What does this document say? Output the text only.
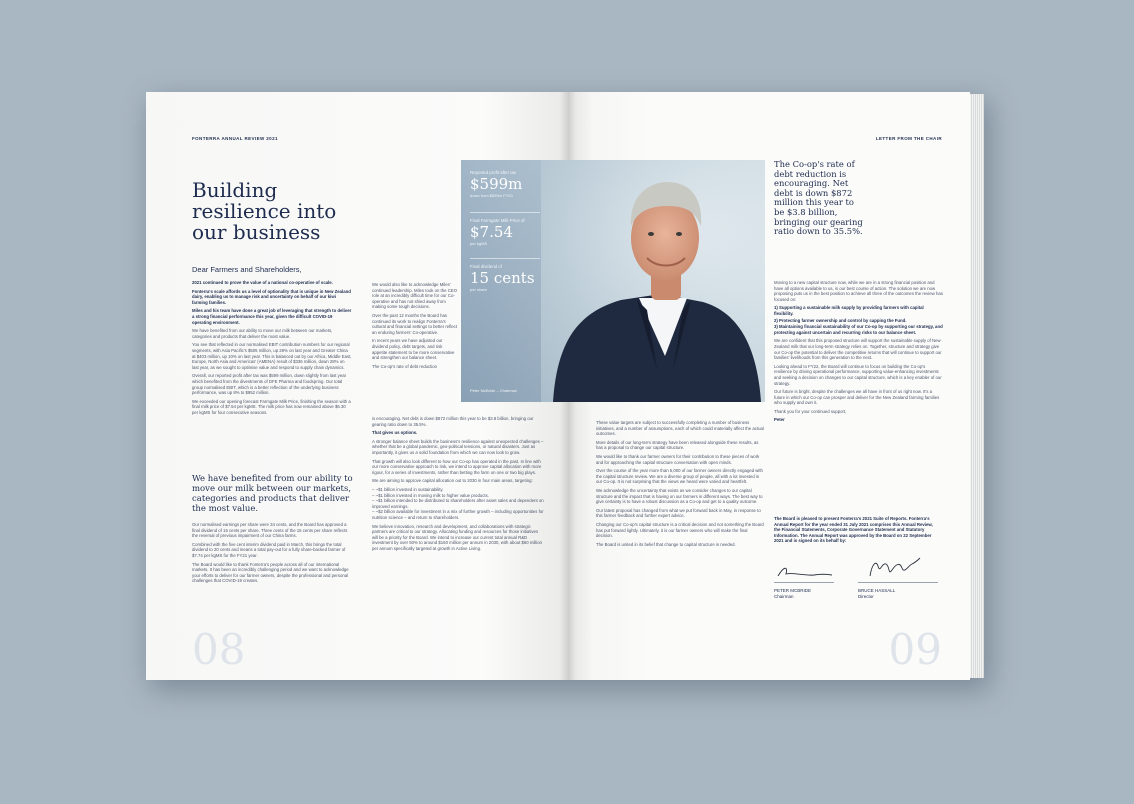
FONTERRA ANNUAL REVIEW 2021
Building resilience into our business
Dear Farmers and Shareholders,

2021 continued to prove the value of a national co-operative of scale.

Fonterra's scale affords us a level of optionality that is unique in New Zealand dairy, enabling us to manage risk and uncertainty on behalf of our kiwi farming families.

Miles and his team have done a great job of leveraging that strength to deliver a strong financial performance this year, given the difficult COVID-19 operating environment.

We have benefited from our ability to move our milk between our markets, categories and products that deliver the most value.

You see that reflected in our normalised EBIT contribution numbers for our regional segments, with Asia Pacific's $505 million, up 28% on last year and Greater China at $403 million, up 10% on last year. This is balanced out by our Africa, Middle East, Europe, North Asia and Americas' (AMENA) result of $336 million, down 28% on last year, as we sought to optimise value and respond to supply chain dynamics.

Overall, our reported profit after tax was $599 million, down slightly from last year which benefited from the divestments of DFE Pharma and foodspring. Our total group normalised EBIT, which is a better reflection of the underlying business performance, was up 8% to $952 million.

We exceeded our opening forecast Farmgate Milk Price, finishing the season with a final milk price of $7.54 per kgMS. The milk price has now remained above $6.30 per kgMS for four consecutive seasons.

We have benefited from our ability to move our milk between our markets, categories and products that deliver the most value.

Our normalised earnings per share were 34 cents, and the Board has approved a final dividend of 15 cents per share. Three cents of the 15 cents per share reflects the reversal of previous impairment of our China farms.

Combined with the five cent interim dividend paid in March, this brings the total dividend to 20 cents and means a total pay-out for a fully share-backed farmer of $7.74 per kgMS for the FY21 year.

The Board would like to thank Fonterra's people across all of our international markets. It has been an incredibly challenging period and we want to acknowledge your efforts to deliver for our farmer owners, despite the professional and personal challenges that COVID-19 creates.

We would also like to acknowledge Miles' continued leadership. Miles took on the CEO role at an incredibly difficult time for our Co-operative and has not shied away from making some tough decisions.

Over the past 12 months the Board has continued its work to realign Fonterra's cultural and financial settings to better reflect an enduring farmers' Co-operative.

In recent years we have adjusted our dividend policy, debt targets, and risk appetite statement to be more conservative and strengthen our balance sheet.

The Co-op's rate of debt reduction

is encouraging. Net debt is down $872 million this year to be $3.8 billion, bringing our gearing ratio down to 35.5%.

That gives us options.

A stronger balance sheet builds the business's resilience against unexpected challenges – whether that be a global pandemic, geo-political tensions, or natural disasters. Just as importantly, it gives us a solid foundation from which we can now look to grow.

That growth will also look different to how our Co-op has operated in the past. In line with our more conservative approach to risk, we intend to approve capital allocation with more rigour, for a series of investments, rather than betting the farm on one or two big plays.

We are aiming to approve capital allocation out to 2030 in four main areas, targeting:

– ~$1 billion invested in sustainability.

– ~$1 billion invested in moving milk to higher value products.

– ~$1 billion intended to be distributed to shareholders after asset sales and dependent on improved earnings.

– ~$2 billion available for investment in a mix of further growth – including opportunities for nutrition science – and return to shareholders.

We believe innovation, research and development, and collaborations with strategic partners are critical to our strategy. Allocating funding and resources for those initiatives will be a priority for the Board. We intend to increase our current total annual R&D investment by over 50% to around $160 million per annum in 2030, with about $60 million per annum specifically targeted at growth in Active Living.

08
LETTER FROM THE CHAIR

These value targets are subject to successfully completing a number of business initiatives, and a number of assumptions, each of which could materially affect the actual outcomes.

More details of our long-term strategy have been released alongside these results, as has a proposal to change our capital structure.

We would like to thank our farmer owners for their contribution to these pieces of work and for approaching the capital structure conversation with open minds.

Over the course of the year more than 5,000 of our farmer owners directly engaged with the capital structure review. We are a diverse group of people, all with a lot invested in our Co-op. It is not surprising that the views we heard were varied and heartfelt.

We acknowledge the uncertainty that exists as we consider changes to our capital structure and the impact that is having on our farmers in different ways. The best way to give certainty is to have a robust discussion as a Co-op and get to a quality outcome.

Our latest proposal has changed from what we put forward back in May, in response to this farmer feedback and further expert advice.

Changing our Co-op's capital structure is a critical decision and not something the Board has put forward lightly. Ultimately, it is our farmer owners who will make the final decision.

The Board is united in its belief that change to capital structure is needed.

Moving to a new capital structure now, while we are in a strong financial position and have all options available to us, is our best course of action. The solution we are now proposing puts us in the best position to achieve all three of the outcomes the review has focused on:

1) Supporting a sustainable milk supply by providing farmers with capital flexibility.

2) Protecting farmer ownership and control by capping the Fund.

3) Maintaining financial sustainability of our Co-op by supporting our strategy, and protecting against uncertain and recurring risks to our balance sheet.

We are confident that this proposed structure will support the sustainable supply of New Zealand milk that our long-term strategy relies on. Together, structure and strategy give our Co-op the potential to deliver the competitive returns that will continue to support our families' livelihoods from this generation to the next.

Looking ahead to FY22, the Board will continue to focus on building the Co-op's resilience by driving operational performance, supporting value-enhancing investments and seeking a decision on changes to our capital structure, which is a key enabler of our strategy.

Our future is bright, despite the challenges we all have in front of us right now. It's a future in which our Co-op can prosper and deliver for the New Zealand farming families who supply and own it.

Thank you for your continued support,

Peter

The Board is pleased to present Fonterra's 2021 Suite of Reports. Fonterra's Annual Report for the year ended 31 July 2021 comprises this Annual Review, the Financial Statements, Corporate Governance Statement and Statutory Information. The Annual Report was approved by the Board on 22 September 2021 and is signed on its behalf by:

PETER MCBRIDE
Chairman
BRUCE HASSALL
Director
09
Reported profit after tax
$599m
down from $659m FY20
Final Farmgate Milk Price of
$7.54
per kgMS
Final dividend of
15 cents
per share
Peter McBride – Chairman
The Co-op's rate of debt reduction is encouraging. Net debt is down $872 million this year to be $3.8 billion, bringing our gearing ratio down to 35.5%.
